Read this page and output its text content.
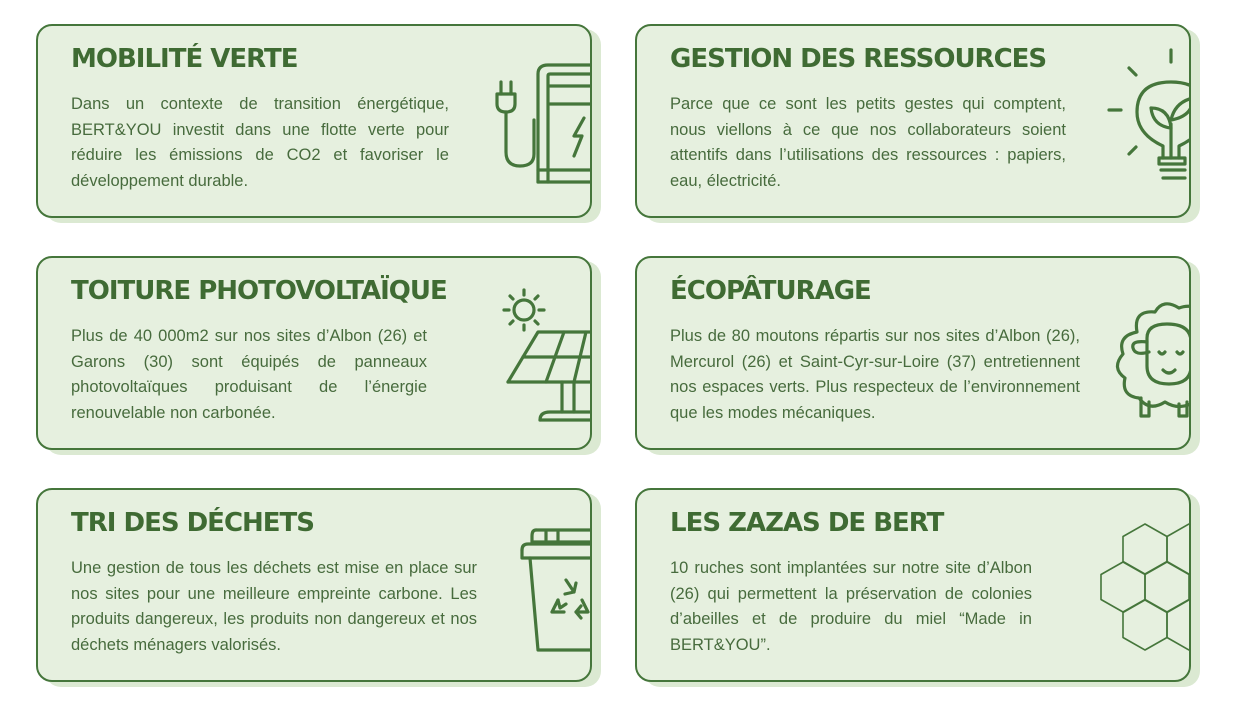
MOBILITÉ VERTE

Dans un contexte de transition énergétique, BERT&YOU investit dans une flotte verte pour réduire les émissions de CO2 et favoriser le développement durable.

GESTION DES RESSOURCES

Parce que ce sont les petits gestes qui comptent, nous viellons à ce que nos collaborateurs soient attentifs dans l’utilisations des ressources : papiers, eau, électricité.

TOITURE PHOTOVOLTAÏQUE

Plus de 40 000m2 sur nos sites d’Albon (26) et Garons (30) sont équipés de panneaux photovoltaïques produisant de l’énergie renouvelable non carbonée.

ÉCOPÂTURAGE

Plus de 80 moutons répartis sur nos sites d’Albon (26), Mercurol (26) et Saint-Cyr-sur-Loire (37) entretiennent nos espaces verts. Plus respecteux de l’environnement que les modes mécaniques.

TRI DES DÉCHETS

Une gestion de tous les déchets est mise en place sur nos sites pour une meilleure empreinte carbone. Les produits dangereux, les produits non dangereux et nos déchets ménagers valorisés.

LES ZAZAS DE BERT

10 ruches sont implantées sur notre site d’Albon (26) qui permettent la préservation de colonies d’abeilles et de produire du miel “Made in BERT&YOU”.
